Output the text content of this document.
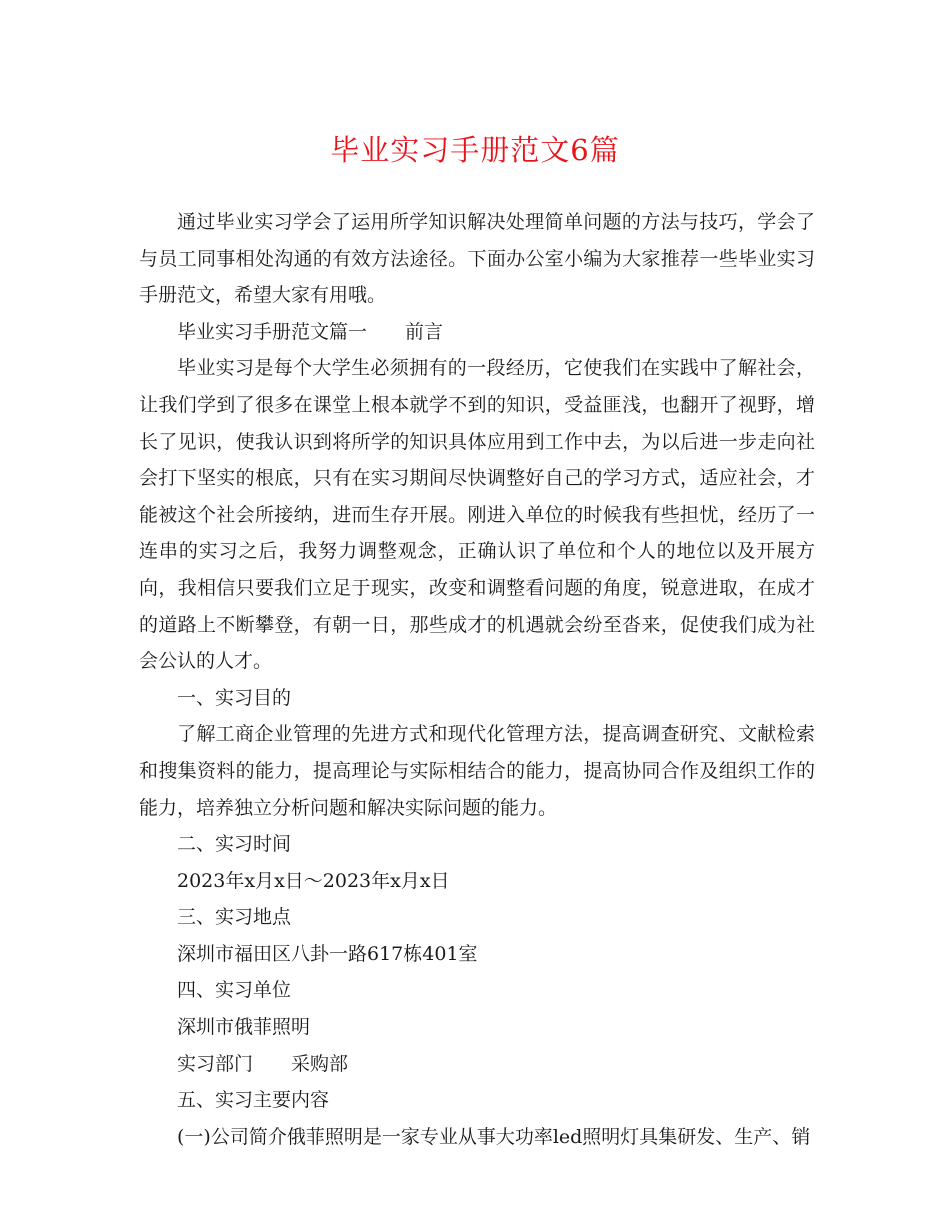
毕业实习手册范文6篇

通过毕业实习学会了运用所学知识解决处理简单问题的方法与技巧，学会了与员工同事相处沟通的有效方法途径。下面办公室小编为大家推荐一些毕业实习手册范文，希望大家有用哦。

毕业实习手册范文篇一 前言

毕业实习是每个大学生必须拥有的一段经历，它使我们在实践中了解社会，让我们学到了很多在课堂上根本就学不到的知识，受益匪浅，也翻开了视野，增长了见识，使我认识到将所学的知识具体应用到工作中去，为以后进一步走向社会打下坚实的根底，只有在实习期间尽快调整好自己的学习方式，适应社会，才能被这个社会所接纳，进而生存开展。刚进入单位的时候我有些担忧，经历了一连串的实习之后，我努力调整观念，正确认识了单位和个人的地位以及开展方向，我相信只要我们立足于现实，改变和调整看问题的角度，锐意进取，在成才的道路上不断攀登，有朝一日，那些成才的机遇就会纷至沓来，促使我们成为社会公认的人才。

一、实习目的

了解工商企业管理的先进方式和现代化管理方法，提高调查研究、文献检索和搜集资料的能力，提高理论与实际相结合的能力，提高协同合作及组织工作的能力，培养独立分析问题和解决实际问题的能力。

二、实习时间

2023年x月x日～2023年x月x日

三、实习地点

深圳市福田区八卦一路617栋401室

四、实习单位

深圳市俄菲照明

实习部门 采购部

五、实习主要内容

(一)公司简介俄菲照明是一家专业从事大功率led照明灯具集研发、生产、销
